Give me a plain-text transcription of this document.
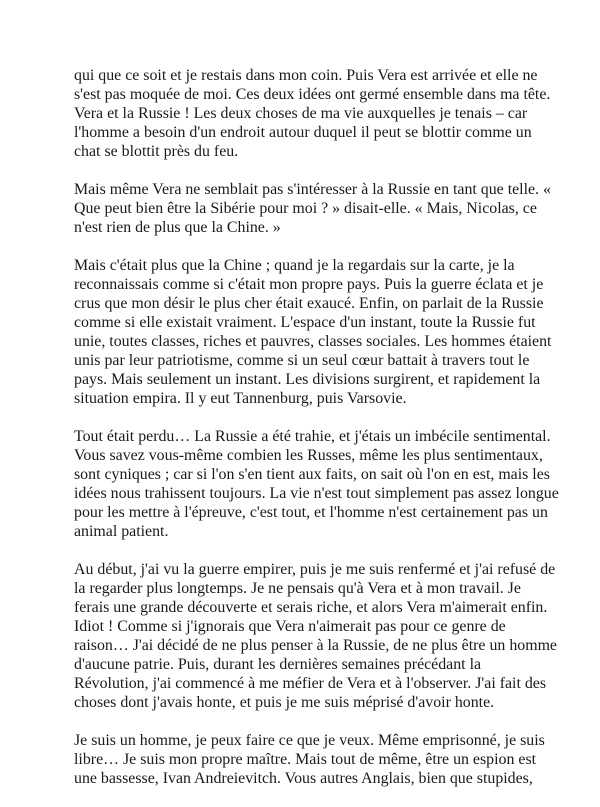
qui que ce soit et je restais dans mon coin. Puis Vera est arrivée et elle ne
s'est pas moquée de moi. Ces deux idées ont germé ensemble dans ma tête.
Vera et la Russie ! Les deux choses de ma vie auxquelles je tenais – car
l'homme a besoin d'un endroit autour duquel il peut se blottir comme un
chat se blottit près du feu.

Mais même Vera ne semblait pas s'intéresser à la Russie en tant que telle. «
Que peut bien être la Sibérie pour moi ? » disait-elle. « Mais, Nicolas, ce
n'est rien de plus que la Chine. »

Mais c'était plus que la Chine ; quand je la regardais sur la carte, je la
reconnaissais comme si c'était mon propre pays. Puis la guerre éclata et je
crus que mon désir le plus cher était exaucé. Enfin, on parlait de la Russie
comme si elle existait vraiment. L'espace d'un instant, toute la Russie fut
unie, toutes classes, riches et pauvres, classes sociales. Les hommes étaient
unis par leur patriotisme, comme si un seul cœur battait à travers tout le
pays. Mais seulement un instant. Les divisions surgirent, et rapidement la
situation empira. Il y eut Tannenburg, puis Varsovie.

Tout était perdu… La Russie a été trahie, et j'étais un imbécile sentimental.
Vous savez vous-même combien les Russes, même les plus sentimentaux,
sont cyniques ; car si l'on s'en tient aux faits, on sait où l'on en est, mais les
idées nous trahissent toujours. La vie n'est tout simplement pas assez longue
pour les mettre à l'épreuve, c'est tout, et l'homme n'est certainement pas un
animal patient.

Au début, j'ai vu la guerre empirer, puis je me suis renfermé et j'ai refusé de
la regarder plus longtemps. Je ne pensais qu'à Vera et à mon travail. Je
ferais une grande découverte et serais riche, et alors Vera m'aimerait enfin.
Idiot ! Comme si j'ignorais que Vera n'aimerait pas pour ce genre de
raison… J'ai décidé de ne plus penser à la Russie, de ne plus être un homme
d'aucune patrie. Puis, durant les dernières semaines précédant la
Révolution, j'ai commencé à me méfier de Vera et à l'observer. J'ai fait des
choses dont j'avais honte, et puis je me suis méprisé d'avoir honte.

Je suis un homme, je peux faire ce que je veux. Même emprisonné, je suis
libre… Je suis mon propre maître. Mais tout de même, être un espion est
une bassesse, Ivan Andreievitch. Vous autres Anglais, bien que stupides,
